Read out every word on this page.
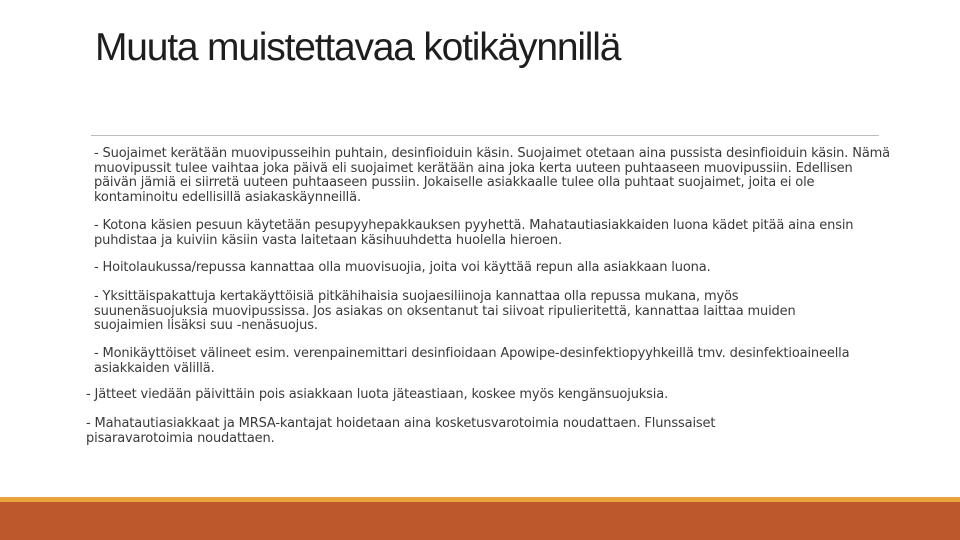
Muuta muistettavaa kotikäynnillä
- Suojaimet kerätään muovipusseihin puhtain, desinfioiduin käsin. Suojaimet otetaan aina pussista desinfioiduin käsin. Nämä muovipussit tulee vaihtaa joka päivä eli suojaimet kerätään aina joka kerta uuteen puhtaaseen muovipussiin. Edellisen päivän jämiä ei siirretä uuteen puhtaaseen pussiin. Jokaiselle asiakkaalle tulee olla puhtaat suojaimet, joita ei ole kontaminoitu edellisillä asiakaskäynneillä.
- Kotona käsien pesuun käytetään pesupyyhepakkauksen pyyhettä. Mahatautiasiakkaiden luona kädet pitää aina ensin puhdistaa ja kuiviin käsiin vasta laitetaan käsihuuhdetta huolella hieroen.
- Hoitolaukussa/repussa kannattaa olla muovisuojia, joita voi käyttää repun alla asiakkaan luona.
- Yksittäispakattuja kertakäyttöisiä pitkähihaisia suojaesiliinoja kannattaa olla repussa mukana, myös suunenäsuojuksia muovipussissa. Jos asiakas on oksentanut tai siivoat ripulieritettä, kannattaa laittaa muiden suojaimien lisäksi suu -nenäsuojus.
- Monikäyttöiset välineet esim. verenpainemittari desinfioidaan Apowipe-desinfektiopyyhkeillä tmv. desinfektioaineella asiakkaiden välillä.
- Jätteet viedään päivittäin pois asiakkaan luota jäteastiaan, koskee myös kengänsuojuksia.
- Mahatautiasiakkaat ja MRSA-kantajat hoidetaan aina kosketusvarotoimia noudattaen. Flunssaiset pisaravarotoimia noudattaen.
